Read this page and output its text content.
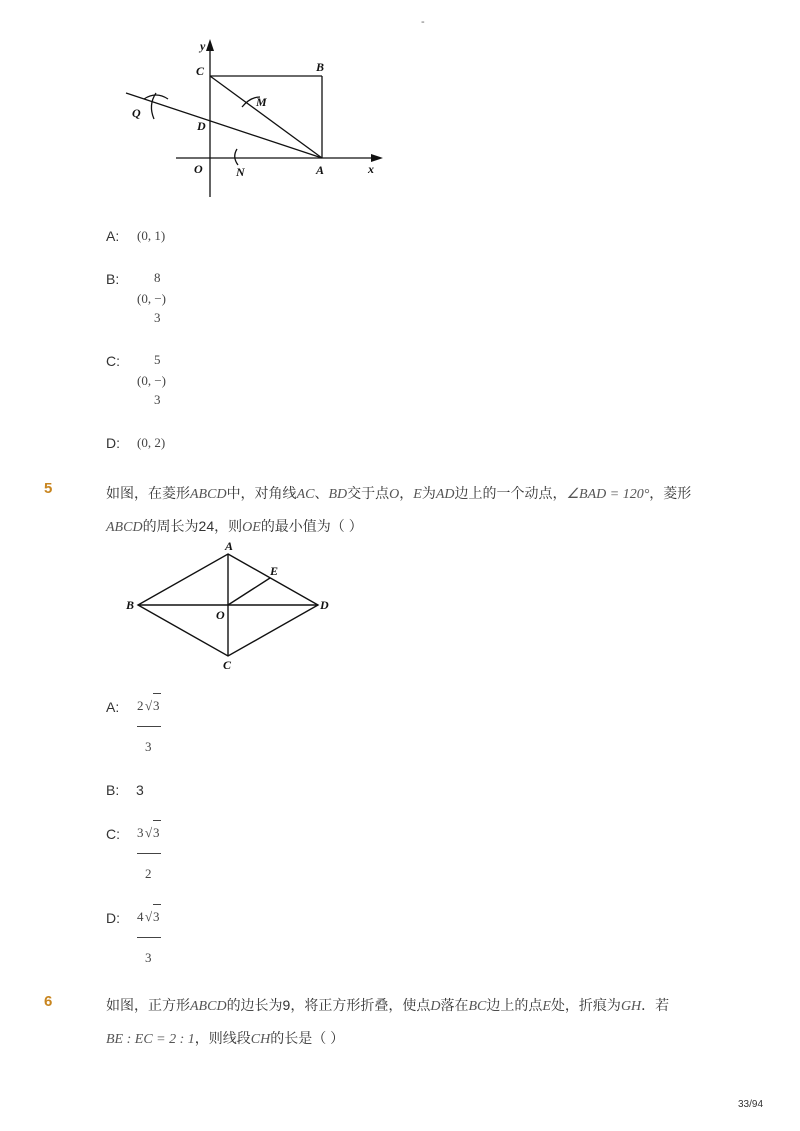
-
y
x
C	B
M
Q
D
O	N	A
A: (0, 1)
B:	8
(0, −)
3
C:	5
(0, −)
3
D: (0, 2)
5	如图，在菱形ABCD中，对角线AC、BD交于点O，E为AD边上的一个动点，∠BAD = 120°，菱形
ABCD的周长为24，则OE的最小值为（ ）
A
E
B
O
D
C
A: 2 √ 3
3
B: 3
C: 3 √ 3
2
D: 4 √ 3
3
6	如图，正方形ABCD的边长为9，将正方形折叠，使点D落在BC边上的点E处，折痕为GH．若
BE : EC = 2 : 1，则线段CH的长是（ ）
33/94
